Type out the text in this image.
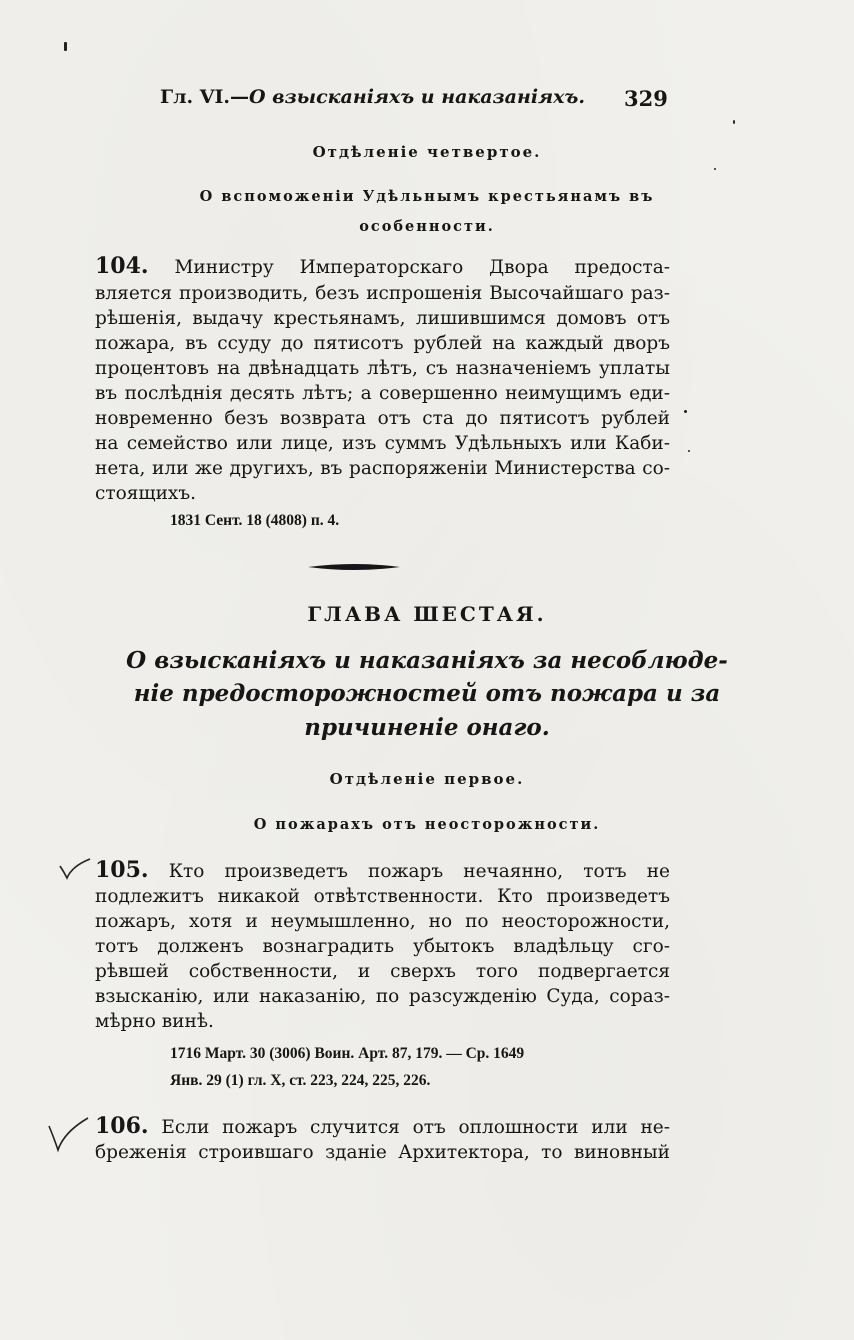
Гл. VI.—О взысканіяхъ и наказаніяхъ. 329
Отдѣленіе четвертое.
О вспоможеніи Удѣльнымъ крестьянамъ въ
особенности.
104. Министру Императорскаго Двора предоста-
вляется производить, безъ испрошенія Высочайшаго раз-
рѣшенія, выдачу крестьянамъ, лишившимся домовъ отъ
пожара, въ ссуду до пятисотъ рублей на каждый дворъ
процентовъ на двѣнадцать лѣтъ, съ назначеніемъ уплаты
въ послѣднія десять лѣтъ; а совершенно неимущимъ еди-
новременно безъ возврата отъ ста до пятисотъ рублей
на семейство или лице, изъ суммъ Удѣльныхъ или Каби-
нета, или же другихъ, въ распоряженіи Министерства со-
стоящихъ.
1831 Сент. 18 (4808) п. 4.
ГЛАВА ШЕСТАЯ.
О взысканіяхъ и наказаніяхъ за несоблюде-
ніе предосторожностей отъ пожара и за
причиненіе онаго.
Отдѣленіе первое.
О пожарахъ отъ неосторожности.
105. Кто произведетъ пожаръ нечаянно, тотъ не
подлежитъ никакой отвѣтственности. Кто произведетъ
пожаръ, хотя и неумышленно, но по неосторожности,
тотъ долженъ вознаградить убытокъ владѣльцу сго-
рѣвшей собственности, и сверхъ того подвергается
взысканію, или наказанію, по разсужденію Суда, сораз-
мѣрно винѣ.
1716 Март. 30 (3006) Воин. Арт. 87, 179. — Ср. 1649
Янв. 29 (1) гл. X, ст. 223, 224, 225, 226.
106. Если пожаръ случится отъ оплошности или не-
бреженія строившаго зданіе Архитектора, то виновный
